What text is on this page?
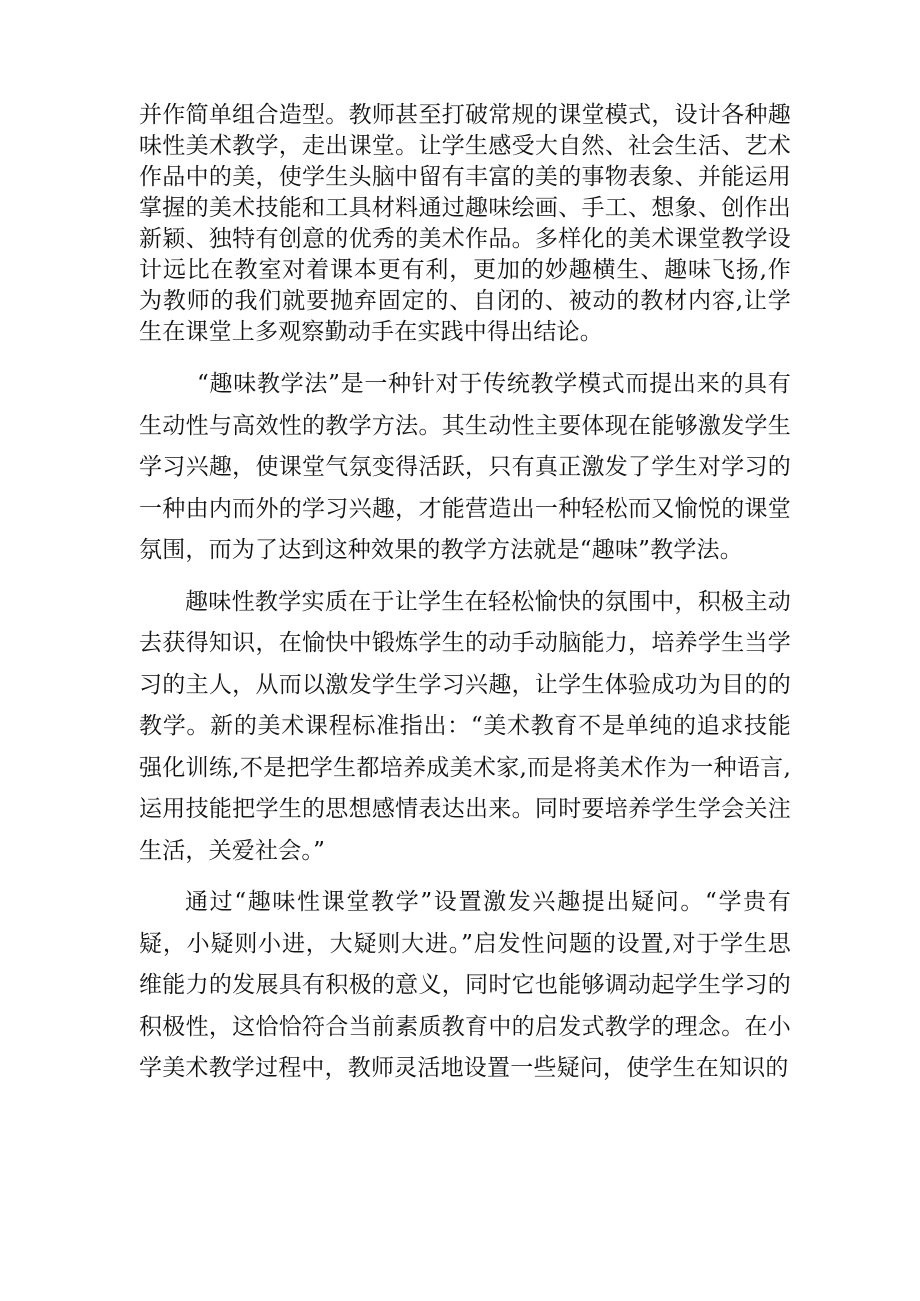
并作简单组合造型。教师甚至打破常规的课堂模式，设计各种趣味性美术教学，走出课堂。让学生感受大自然、社会生活、艺术作品中的美，使学生头脑中留有丰富的美的事物表象、并能运用掌握的美术技能和工具材料通过趣味绘画、手工、想象、创作出新颖、独特有创意的优秀的美术作品。多样化的美术课堂教学设计远比在教室对着课本更有利，更加的妙趣横生、趣味飞扬,作为教师的我们就要抛弃固定的、自闭的、被动的教材内容,让学生在课堂上多观察勤动手在实践中得出结论。

“趣味教学法”是一种针对于传统教学模式而提出来的具有生动性与高效性的教学方法。其生动性主要体现在能够激发学生学习兴趣，使课堂气氛变得活跃，只有真正激发了学生对学习的一种由内而外的学习兴趣，才能营造出一种轻松而又愉悦的课堂氛围，而为了达到这种效果的教学方法就是“趣味”教学法。

趣味性教学实质在于让学生在轻松愉快的氛围中，积极主动去获得知识，在愉快中锻炼学生的动手动脑能力，培养学生当学习的主人，从而以激发学生学习兴趣，让学生体验成功为目的的教学。新的美术课程标准指出：“美术教育不是单纯的追求技能强化训练,不是把学生都培养成美术家,而是将美术作为一种语言,运用技能把学生的思想感情表达出来。同时要培养学生学会关注生活，关爱社会。”

通过“趣味性课堂教学”设置激发兴趣提出疑问。“学贵有疑，小疑则小进，大疑则大进。”启发性问题的设置,对于学生思维能力的发展具有积极的意义，同时它也能够调动起学生学习的积极性，这恰恰符合当前素质教育中的启发式教学的理念。在小学美术教学过程中，教师灵活地设置一些疑问，使学生在知识的
